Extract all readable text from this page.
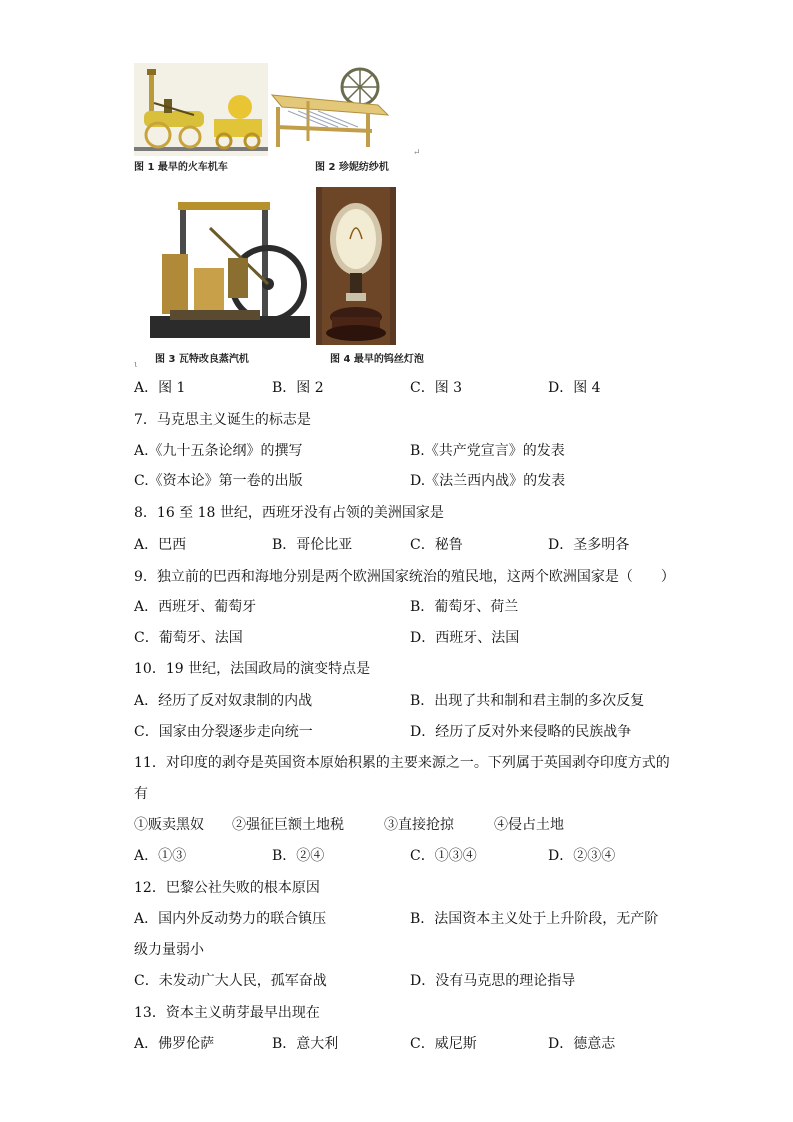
图 1 最早的火车机车	图 2 珍妮纺纱机
↵
图 3 瓦特改良蒸汽机
ι	图 4 最早的钨丝灯泡
A．图 1	B．图 2	C．图 3	D．图 4
7．马克思主义诞生的标志是
A.《九十五条论纲》的撰写	B.《共产党宣言》的发表
C.《资本论》第一卷的出版	D.《法兰西内战》的发表
8．16 至 18 世纪，西班牙没有占领的美洲国家是
A．巴西	B．哥伦比亚	C．秘鲁	D．圣多明各
9．独立前的巴西和海地分别是两个欧洲国家统治的殖民地，这两个欧洲国家是（　　）
A．西班牙、葡萄牙	B．葡萄牙、荷兰
C．葡萄牙、法国	D．西班牙、法国
10．19 世纪，法国政局的演变特点是
A．经历了反对奴隶制的内战	B．出现了共和制和君主制的多次反复
C．国家由分裂逐步走向统一	D．经历了反对外来侵略的民族战争
11．对印度的剥夺是英国资本原始积累的主要来源之一。下列属于英国剥夺印度方式的
有
①贩卖黑奴 ②强征巨额土地税	③直接抢掠	④侵占土地
A．①③	B．②④	C．①③④	D．②③④
12．巴黎公社失败的根本原因
A．国内外反动势力的联合镇压	B．法国资本主义处于上升阶段，无产阶
级力量弱小
C．未发动广大人民，孤军奋战	D．没有马克思的理论指导
13．资本主义萌芽最早出现在
A．佛罗伦萨	B．意大利	C．威尼斯	D．德意志
